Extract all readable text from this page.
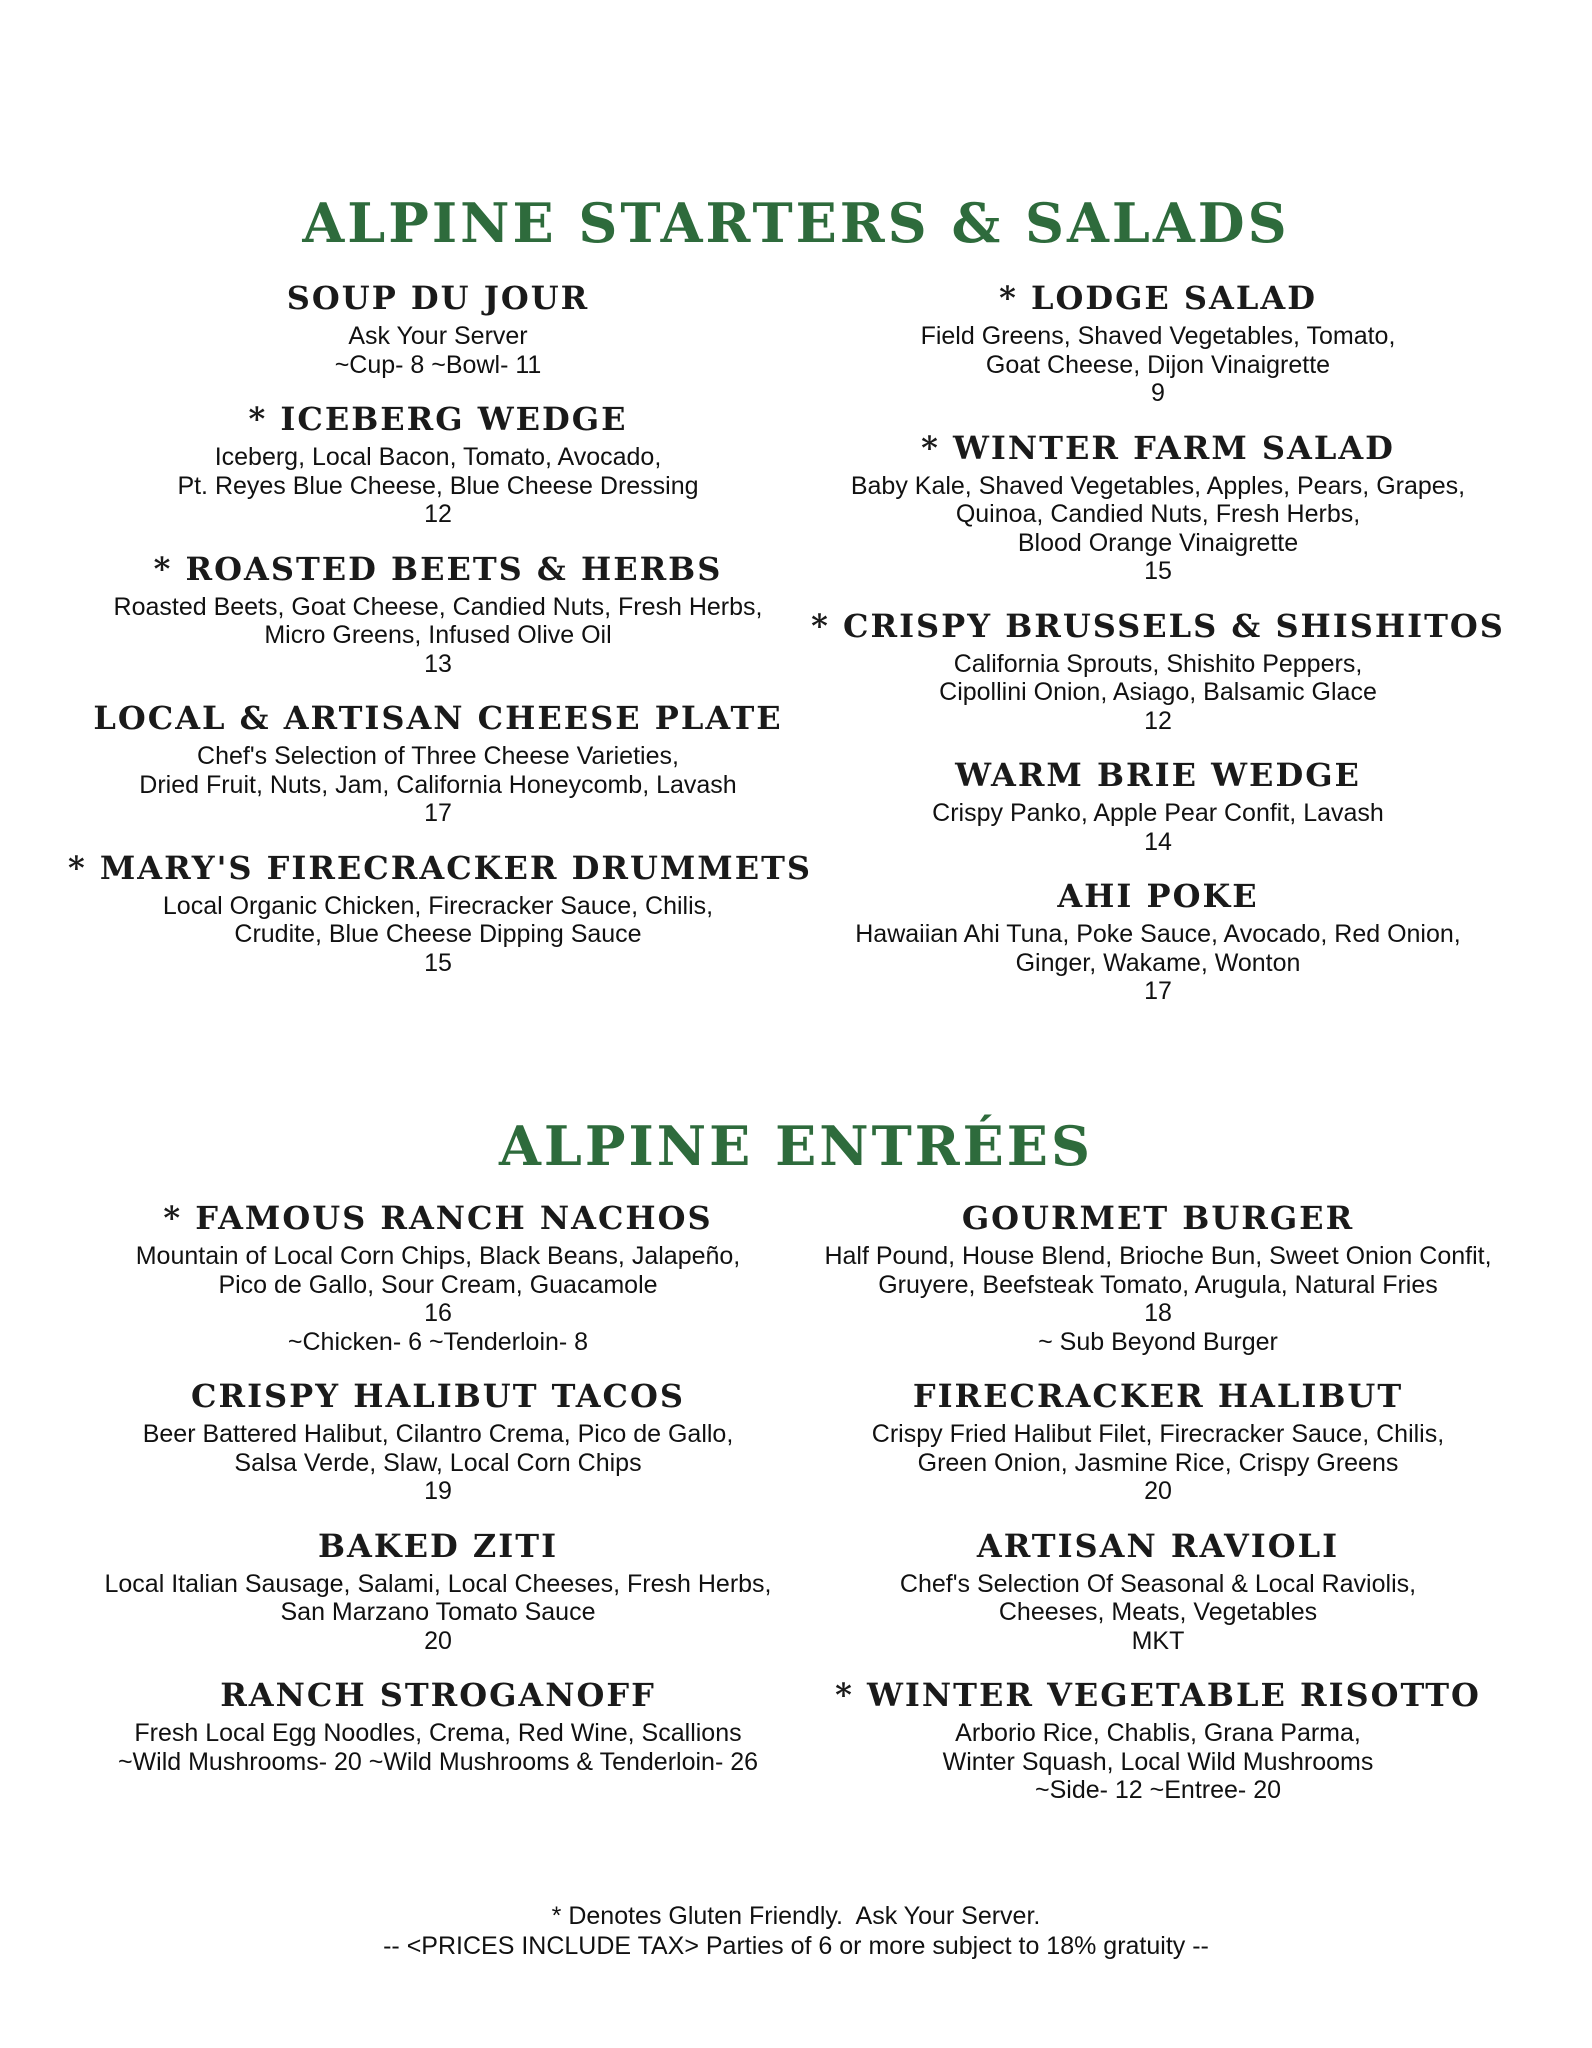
ALPINE STARTERS & SALADS
SOUP DU JOUR
Ask Your Server
~Cup- 8 ~Bowl- 11
* ICEBERG WEDGE
Iceberg, Local Bacon, Tomato, Avocado,
Pt. Reyes Blue Cheese, Blue Cheese Dressing
12
* ROASTED BEETS & HERBS
Roasted Beets, Goat Cheese, Candied Nuts, Fresh Herbs,
Micro Greens, Infused Olive Oil
13
LOCAL & ARTISAN CHEESE PLATE
Chef's Selection of Three Cheese Varieties,
Dried Fruit, Nuts, Jam, California Honeycomb, Lavash
17
* MARY'S FIRECRACKER DRUMMETS
Local Organic Chicken, Firecracker Sauce, Chilis,
Crudite, Blue Cheese Dipping Sauce
15
* LODGE SALAD
Field Greens, Shaved Vegetables, Tomato,
Goat Cheese, Dijon Vinaigrette
9
* WINTER FARM SALAD
Baby Kale, Shaved Vegetables, Apples, Pears, Grapes,
Quinoa, Candied Nuts, Fresh Herbs,
Blood Orange Vinaigrette
15
* CRISPY BRUSSELS & SHISHITOS
California Sprouts, Shishito Peppers,
Cipollini Onion, Asiago, Balsamic Glace
12
WARM BRIE WEDGE
Crispy Panko, Apple Pear Confit, Lavash
14
AHI POKE
Hawaiian Ahi Tuna, Poke Sauce, Avocado, Red Onion,
Ginger, Wakame, Wonton
17
ALPINE ENTRÉES
* FAMOUS RANCH NACHOS
Mountain of Local Corn Chips, Black Beans, Jalapeño,
Pico de Gallo, Sour Cream, Guacamole
16
~Chicken- 6 ~Tenderloin- 8
CRISPY HALIBUT TACOS
Beer Battered Halibut, Cilantro Crema, Pico de Gallo,
Salsa Verde, Slaw, Local Corn Chips
19
BAKED ZITI
Local Italian Sausage, Salami, Local Cheeses, Fresh Herbs,
San Marzano Tomato Sauce
20
RANCH STROGANOFF
Fresh Local Egg Noodles, Crema, Red Wine, Scallions
~Wild Mushrooms- 20 ~Wild Mushrooms & Tenderloin- 26
GOURMET BURGER
Half Pound, House Blend, Brioche Bun, Sweet Onion Confit,
Gruyere, Beefsteak Tomato, Arugula, Natural Fries
18
~ Sub Beyond Burger
FIRECRACKER HALIBUT
Crispy Fried Halibut Filet, Firecracker Sauce, Chilis,
Green Onion, Jasmine Rice, Crispy Greens
20
ARTISAN RAVIOLI
Chef's Selection Of Seasonal & Local Raviolis,
Cheeses, Meats, Vegetables
MKT
* WINTER VEGETABLE RISOTTO
Arborio Rice, Chablis, Grana Parma,
Winter Squash, Local Wild Mushrooms
~Side- 12 ~Entree- 20
* Denotes Gluten Friendly.  Ask Your Server.
-- <PRICES INCLUDE TAX> Parties of 6 or more subject to 18% gratuity --
